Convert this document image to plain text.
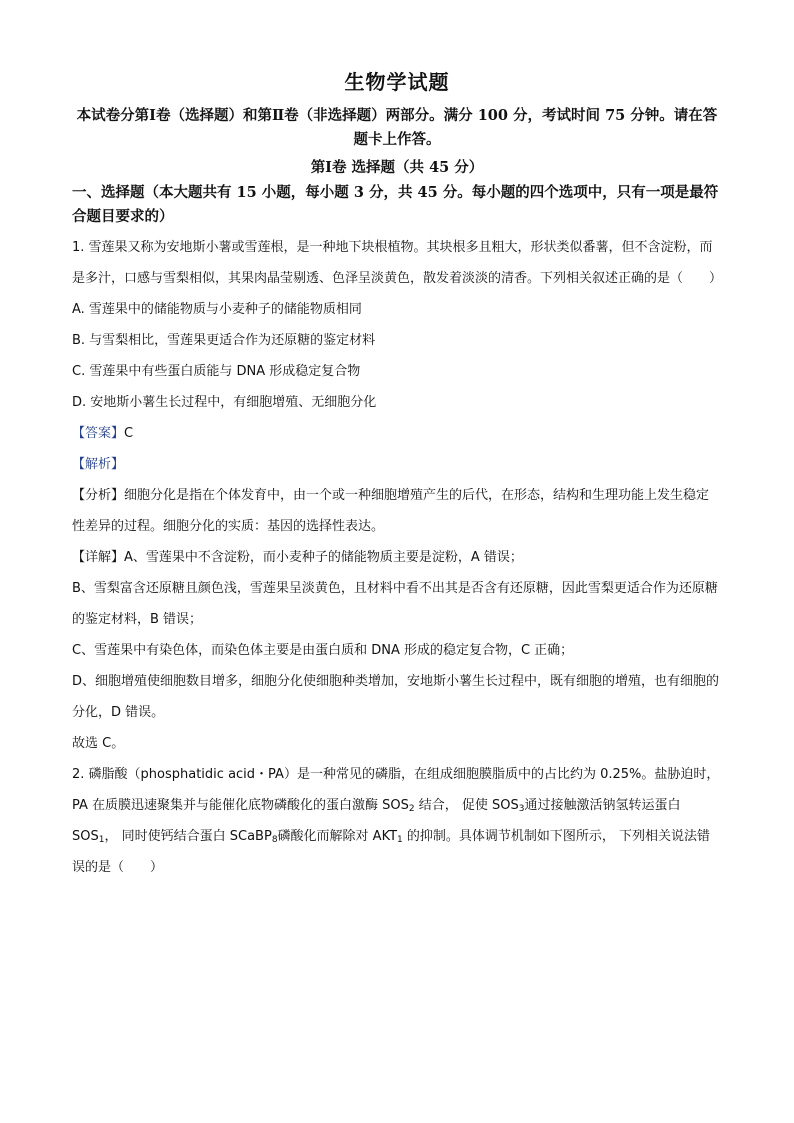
生物学试题
本试卷分第Ⅰ卷（选择题）和第Ⅱ卷（非选择题）两部分。满分 100 分，考试时间 75 分钟。请在答题卡上作答。
第Ⅰ卷 选择题（共 45 分）
一、选择题（本大题共有 15 小题，每小题 3 分，共 45 分。每小题的四个选项中，只有一项是最符合题目要求的）

1. 雪莲果又称为安地斯小薯或雪莲根，是一种地下块根植物。其块根多且粗大，形状类似番薯，但不含淀粉，而是多汁，口感与雪梨相似，其果肉晶莹剔透、色泽呈淡黄色，散发着淡淡的清香。下列相关叙述正确的是（　　）

A. 雪莲果中的储能物质与小麦种子的储能物质相同

B. 与雪梨相比，雪莲果更适合作为还原糖的鉴定材料

C. 雪莲果中有些蛋白质能与 DNA 形成稳定复合物

D. 安地斯小薯生长过程中，有细胞增殖、无细胞分化

【答案】C

【解析】

【分析】细胞分化是指在个体发育中，由一个或一种细胞增殖产生的后代，在形态，结构和生理功能上发生稳定性差异的过程。细胞分化的实质：基因的选择性表达。

【详解】A、雪莲果中不含淀粉，而小麦种子的储能物质主要是淀粉，A 错误；

B、雪梨富含还原糖且颜色浅，雪莲果呈淡黄色，且材料中看不出其是否含有还原糖，因此雪梨更适合作为还原糖的鉴定材料，B 错误；

C、雪莲果中有染色体，而染色体主要是由蛋白质和 DNA 形成的稳定复合物，C 正确；

D、细胞增殖使细胞数目增多，细胞分化使细胞种类增加，安地斯小薯生长过程中，既有细胞的增殖，也有细胞的分化，D 错误。

故选 C。

2. 磷脂酸（phosphatidic acid・PA）是一种常见的磷脂，在组成细胞膜脂质中的占比约为 0.25%。盐胁迫时，PA 在质膜迅速聚集并与能催化底物磷酸化的蛋白激酶 $SOS_2$ 结合， 促使 $SOS_3$通过接触激活钠氢转运蛋白 $SOS_1$， 同时使钙结合蛋白 SCaBP$_8$磷酸化而解除对 $AKT_1$ 的抑制。具体调节机制如下图所示， 下列相关说法错误的是（　　）
